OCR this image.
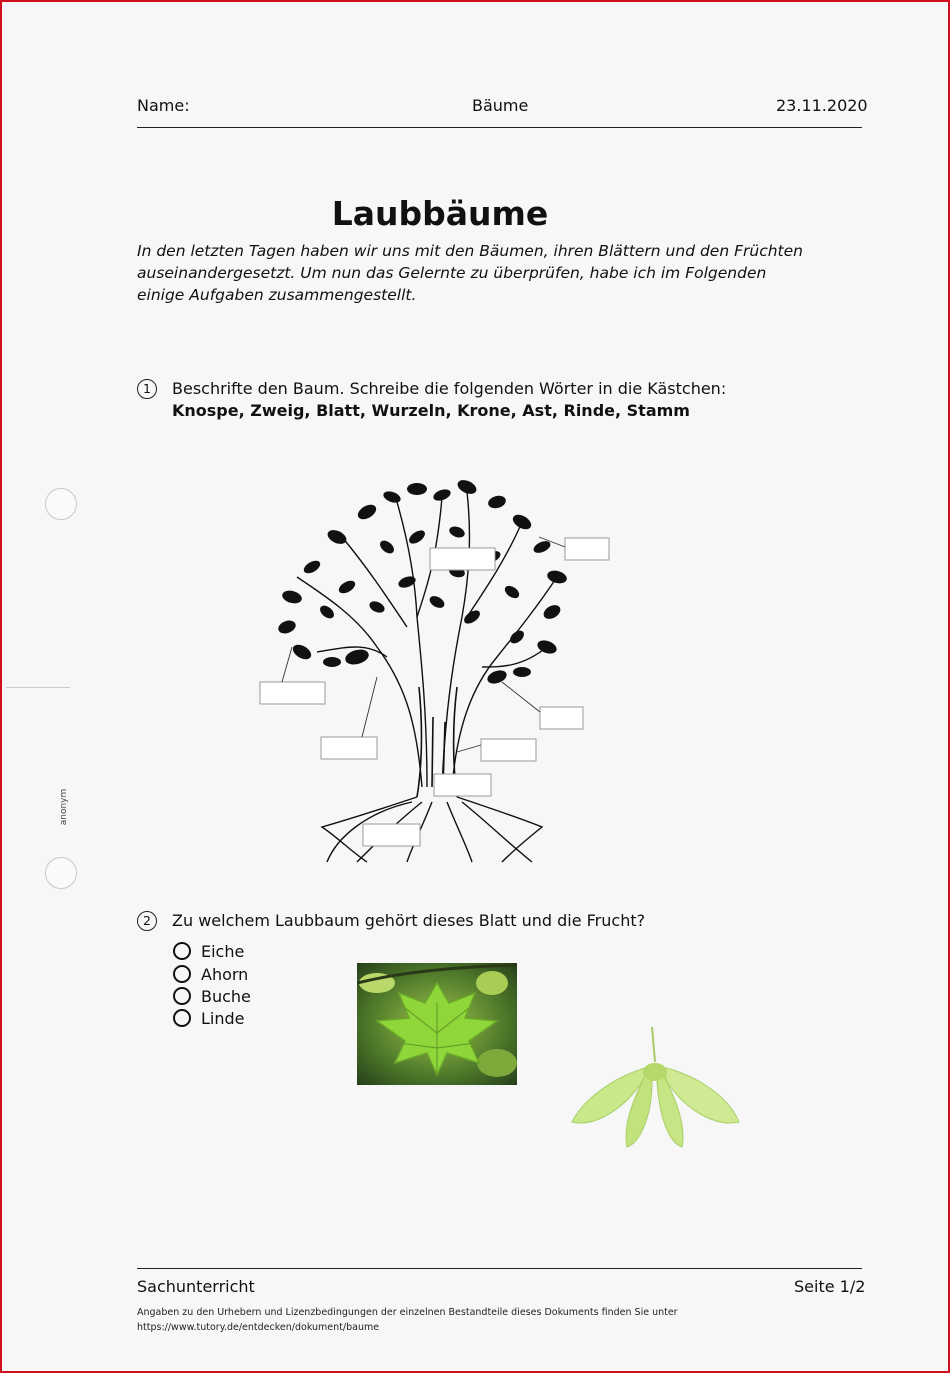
Name:	Bäume	23.11.2020
Laubbäume
In den letzten Tagen haben wir uns mit den Bäumen, ihren Blättern und den Früchten auseinandergesetzt. Um nun das Gelernte zu überprüfen, habe ich im Folgenden einige Aufgaben zusammengestellt.
anonym
1	Beschrifte den Baum. Schreibe die folgenden Wörter in die Kästchen:
Knospe, Zweig, Blatt, Wurzeln, Krone, Ast, Rinde, Stamm
2	Zu welchem Laubbaum gehört dieses Blatt und die Frucht?
Eiche
Ahorn
Buche
Linde
Sachunterricht	Seite 1/2
Angaben zu den Urhebern und Lizenzbedingungen der einzelnen Bestandteile dieses Dokuments finden Sie unter
https://www.tutory.de/entdecken/dokument/baume
